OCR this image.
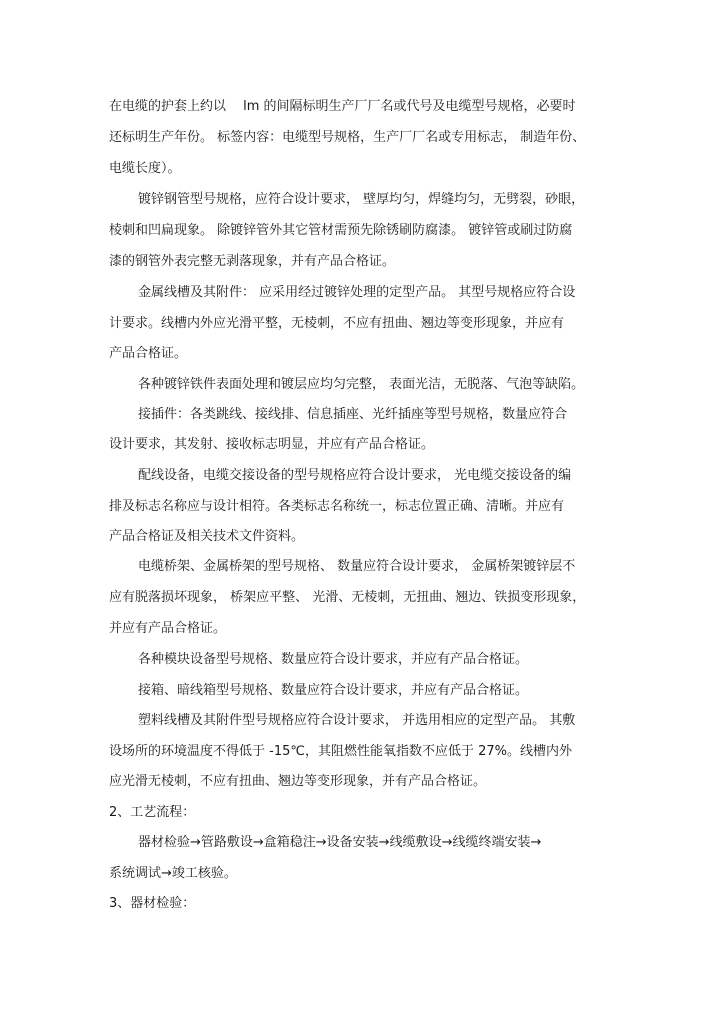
在电缆的护套上约以 　lm 的间隔标明生产厂厂名或代号及电缆型号规格，必要时
还标明生产年份。 标签内容：电缆型号规格，生产厂厂名或专用标志， 制造年份、
电缆长度）。
镀锌钢管型号规格，应符合设计要求， 壁厚均匀，焊缝均匀，无劈裂，砂眼，
棱刺和凹扁现象。 除镀锌管外其它管材需预先除锈刷防腐漆。 镀锌管或刷过防腐
漆的钢管外表完整无剥落现象，并有产品合格证。
金属线槽及其附件： 应采用经过镀锌处理的定型产品。 其型号规格应符合设
计要求。线槽内外应光滑平整，无棱刺，不应有扭曲、翘边等变形现象，并应有
产品合格证。
各种镀锌铁件表面处理和镀层应均匀完整， 表面光洁，无脱落、气泡等缺陷。
接插件：各类跳线、接线排、信息插座、光纤插座等型号规格，数量应符合
设计要求，其发射、接收标志明显，并应有产品合格证。
配线设备，电缆交接设备的型号规格应符合设计要求， 光电缆交接设备的编
排及标志名称应与设计相符。各类标志名称统一，标志位置正确、清晰。并应有
产品合格证及相关技术文件资料。
电缆桥架、金属桥架的型号规格、 数量应符合设计要求， 金属桥架镀锌层不
应有脱落损坏现象， 桥架应平整、 光滑、无棱刺，无扭曲、翘边、铁损变形现象，
并应有产品合格证。
各种模块设备型号规格、数量应符合设计要求，并应有产品合格证。
接箱、暗线箱型号规格、数量应符合设计要求，并应有产品合格证。
塑料线槽及其附件型号规格应符合设计要求， 并选用相应的定型产品。 其敷
设场所的环境温度不得低于 -15℃，其阻燃性能氧指数不应低于 27%。线槽内外
应光滑无棱刺，不应有扭曲、翘边等变形现象，并有产品合格证。
2、工艺流程：
器材检验→管路敷设→盒箱稳注→设备安装→线缆敷设→线缆终端安装→
系统调试→竣工核验。
3、器材检验：
